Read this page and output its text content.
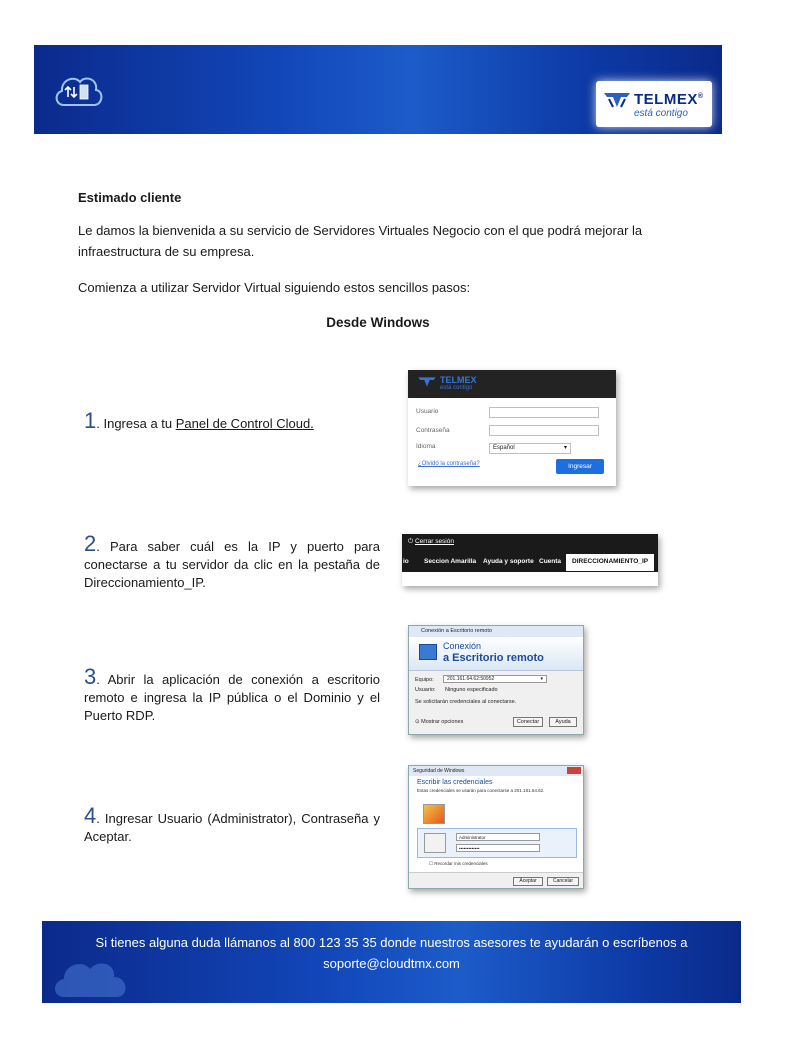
TELMEX®
está contigo
Estimado cliente
Le damos la bienvenida a su servicio de Servidores Virtuales Negocio con el que podrá mejorar la infraestructura de su empresa.
Comienza a utilizar Servidor Virtual siguiendo estos sencillos pasos:
Desde Windows
1. Ingresa a tu Panel de Control Cloud.
2. Para saber cuál es la IP y puerto para conectarse a tu servidor da clic en la pestaña de Direccionamiento_IP.
3. Abrir la aplicación de conexión a escritorio remoto e ingresa la IP pública o el Dominio y el Puerto RDP.
4. Ingresar Usuario (Administrator), Contraseña y Aceptar.
TELMEX
está contigo
Usuario
Contraseña
Idioma	Español	▾
¿Olvidó la contraseña?	Ingresar
⏻ Cerrar sesión
io Seccion Amarilla Ayuda y soporte Cuenta	DIRECCIONAMIENTO_IP
Conexión a Escritorio remoto
Conexión
a Escritorio remoto
Equipo:	201.161.64.62:50952	▾
Usuario: Ninguno especificado
Se solicitarán credenciales al conectarse.
⊙ Mostrar opciones	Conectar	Ayuda
Seguridad de Windows
Escribir las credenciales
Estas credenciales se usarán para conectarse a 201.161.64.62.
Administrator
•••••••••••••
☐ Recordar mis credenciales
Aceptar	Cancelar
Si tienes alguna duda llámanos al 800 123 35 35 donde nuestros asesores te ayudarán o escríbenos a
soporte@cloudtmx.com
